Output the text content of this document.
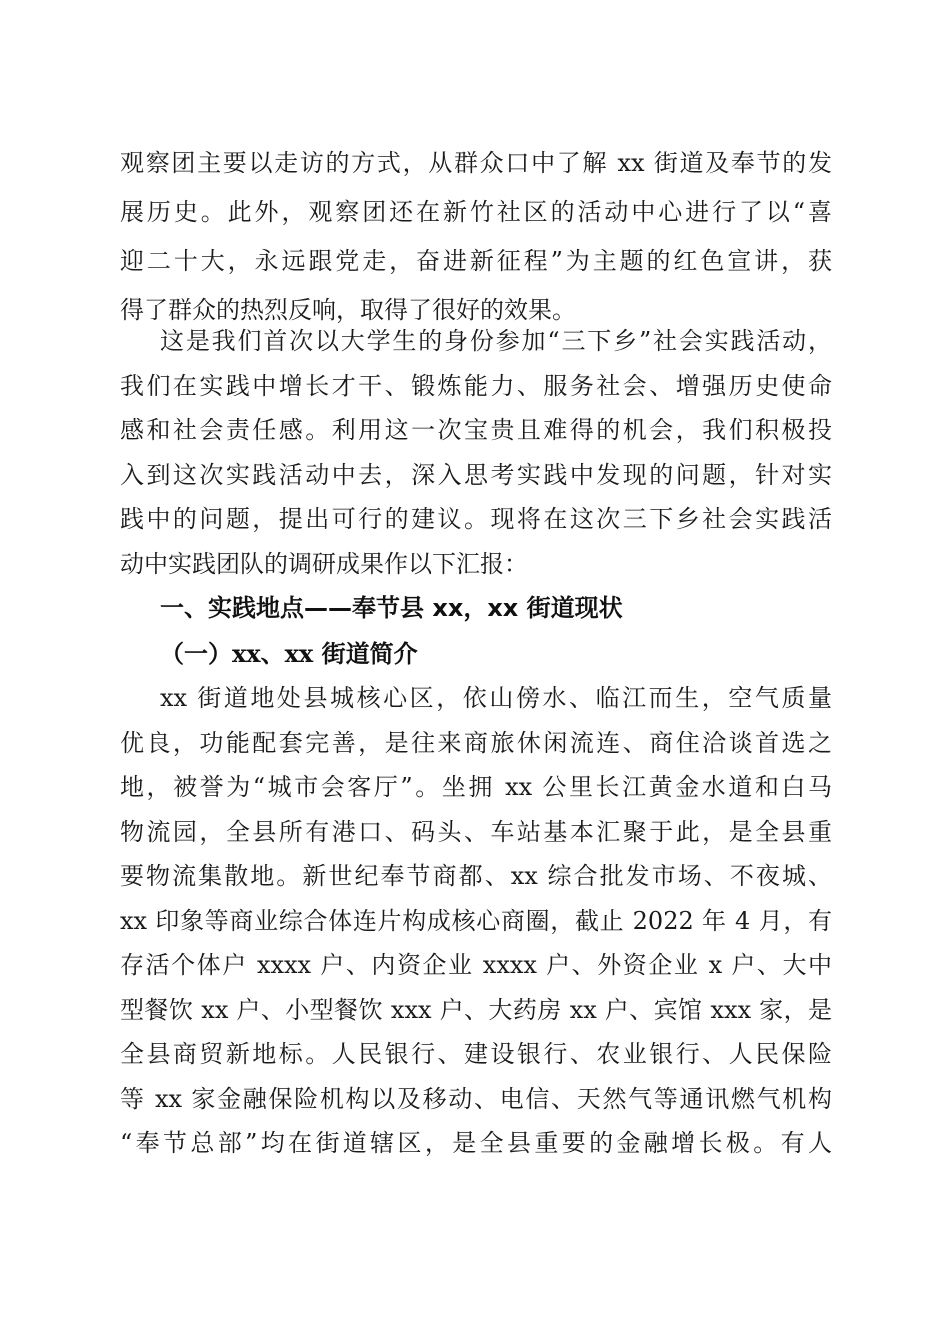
观察团主要以走访的方式，从群众口中了解 xx 街道及奉节的发
展历史。此外，观察团还在新竹社区的活动中心进行了以“喜
迎二十大，永远跟党走，奋进新征程”为主题的红色宣讲，获
得了群众的热烈反响，取得了很好的效果。
这是我们首次以大学生的身份参加“三下乡”社会实践活动，
我们在实践中增长才干、锻炼能力、服务社会、增强历史使命
感和社会责任感。利用这一次宝贵且难得的机会，我们积极投
入到这次实践活动中去，深入思考实践中发现的问题，针对实
践中的问题，提出可行的建议。现将在这次三下乡社会实践活
动中实践团队的调研成果作以下汇报：
一、实践地点——奉节县 xx，xx 街道现状
（一）xx、xx 街道简介
xx 街道地处县城核心区，依山傍水、临江而生，空气质量
优良，功能配套完善，是往来商旅休闲流连、商住洽谈首选之
地，被誉为“城市会客厅”。坐拥 xx 公里长江黄金水道和白马
物流园，全县所有港口、码头、车站基本汇聚于此，是全县重
要物流集散地。新世纪奉节商都、xx 综合批发市场、不夜城、
xx 印象等商业综合体连片构成核心商圈，截止 2022 年 4 月，有
存活个体户 xxxx 户、内资企业 xxxx 户、外资企业 x 户、大中
型餐饮 xx 户、小型餐饮 xxx 户、大药房 xx 户、宾馆 xxx 家，是
全县商贸新地标。人民银行、建设银行、农业银行、人民保险
等 xx 家金融保险机构以及移动、电信、天然气等通讯燃气机构
“奉节总部”均在街道辖区，是全县重要的金融增长极。有人
